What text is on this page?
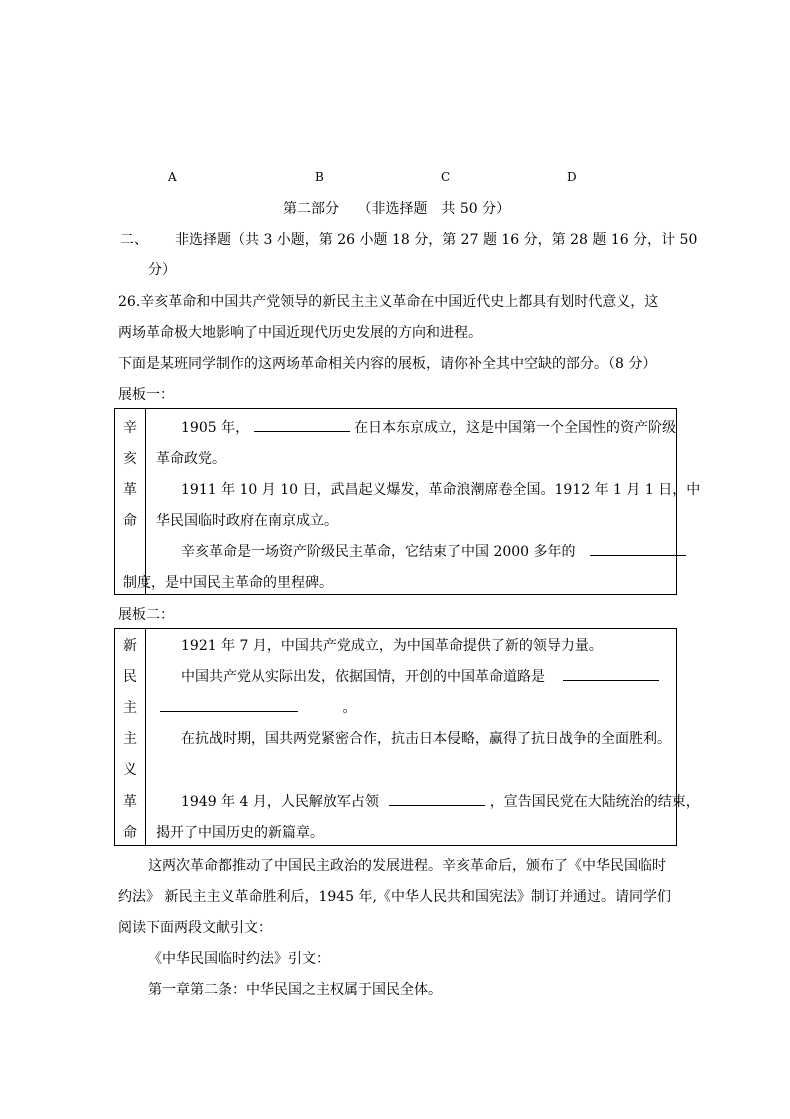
A	B	C	D
第二部分　 （非选择题　共 50 分）
二、 非选择题（共 3 小题，第 26 小题 18 分，第 27 题 16 分，第 28 题 16 分，计 50
分）
26.辛亥革命和中国共产党领导的新民主主义革命在中国近代史上都具有划时代意义，这
两场革命极大地影响了中国近现代历史发展的方向和进程。
下面是某班同学制作的这两场革命相关内容的展板，请你补全其中空缺的部分。（8 分）
展板一：
辛
亥
革
命
1905 年，	在日本东京成立，这是中国第一个全国性的资产阶级
革命政党。
1911 年 10 月 10 日，武昌起义爆发，革命浪潮席卷全国。1912 年 1 月 1 日，中
华民国临时政府在南京成立。
辛亥革命是一场资产阶级民主革命，它结束了中国 2000 多年的
制度，是中国民主革命的里程碑。
展板二：
新
民
主
主
义
革
命
1921 年 7 月，中国共产党成立，为中国革命提供了新的领导力量。
中国共产党从实际出发，依据国情，开创的中国革命道路是
。
在抗战时期，国共两党紧密合作，抗击日本侵略，赢得了抗日战争的全面胜利。
1949 年 4 月，人民解放军占领	，宣告国民党在大陆统治的结束，
揭开了中国历史的新篇章。
这两次革命都推动了中国民主政治的发展进程。辛亥革命后，颁布了《中华民国临时
约法》 新民主主义革命胜利后，1945 年,《中华人民共和国宪法》制订并通过。请同学们
阅读下面两段文献引文：
《中华民国临时约法》引文：
第一章第二条：中华民国之主权属于国民全体。
